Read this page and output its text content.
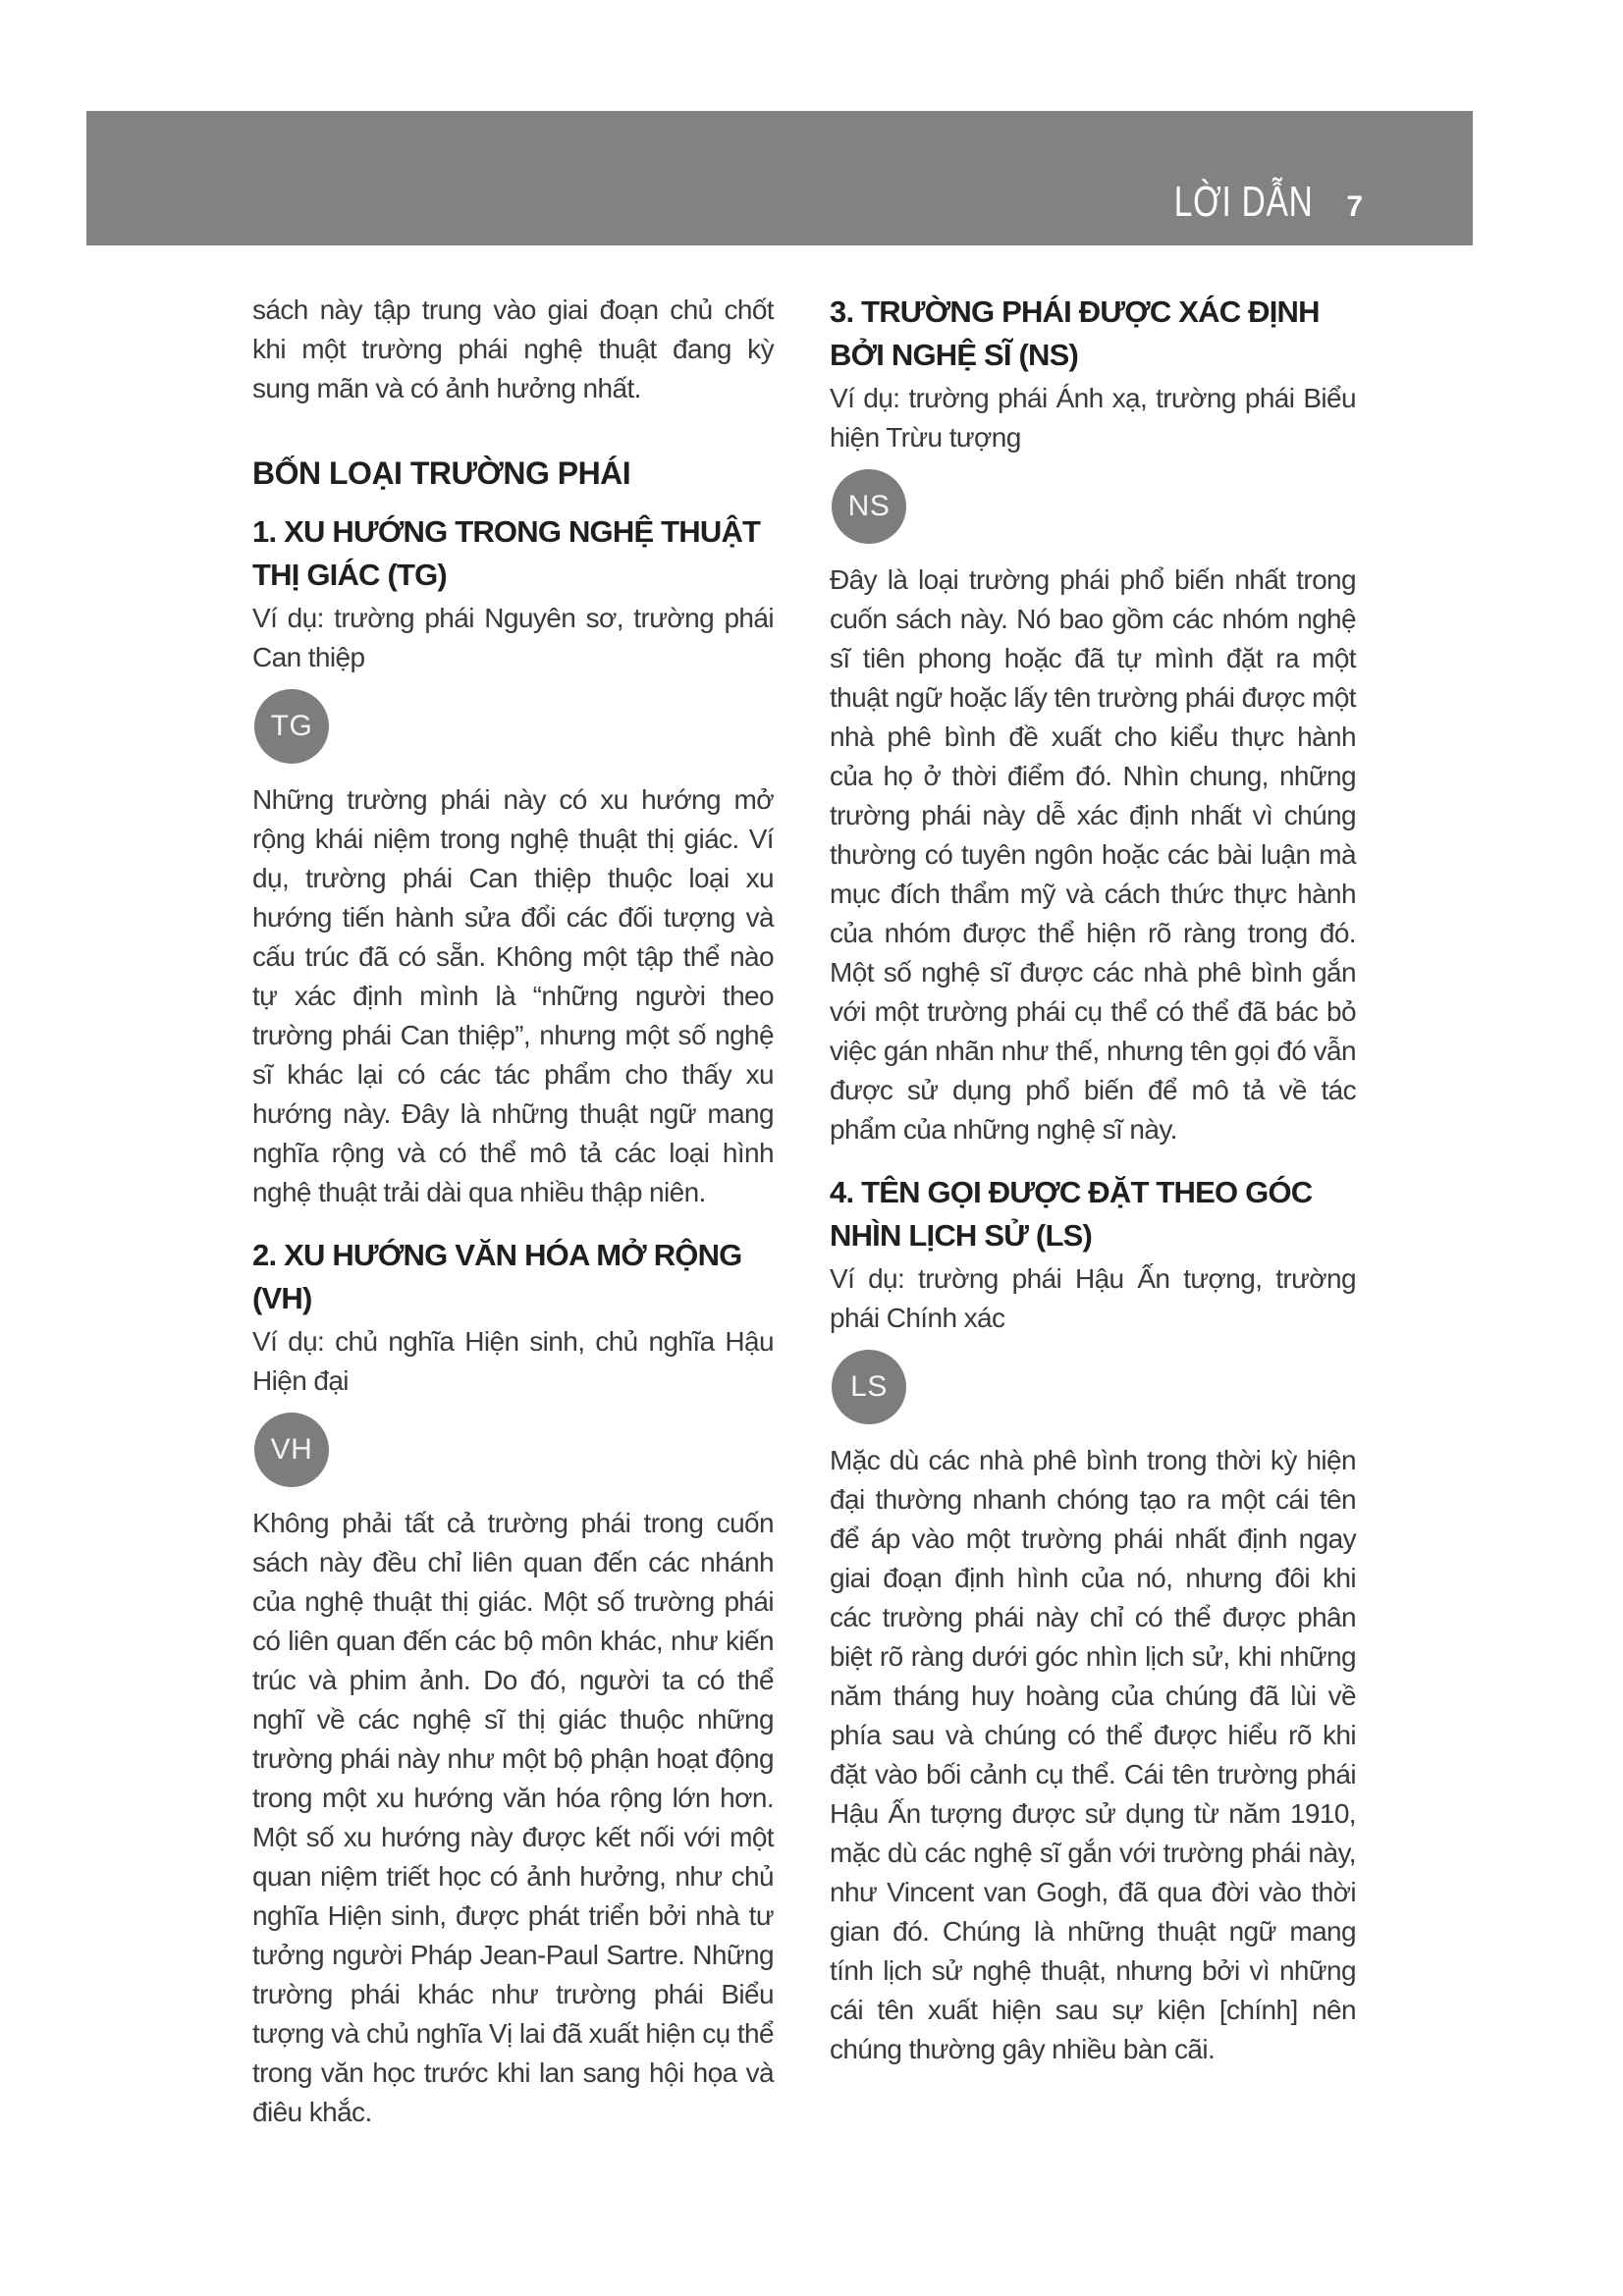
LỜI DẪN 7

sách này tập trung vào giai đoạn chủ chốt khi một trường phái nghệ thuật đang kỳ sung mãn và có ảnh hưởng nhất.

BỐN LOẠI TRƯỜNG PHÁI
1. XU HƯỚNG TRONG NGHỆ THUẬT THỊ GIÁC (TG)

Ví dụ: trường phái Nguyên sơ, trường phái Can thiệp

TG

Những trường phái này có xu hướng mở rộng khái niệm trong nghệ thuật thị giác. Ví dụ, trường phái Can thiệp thuộc loại xu hướng tiến hành sửa đổi các đối tượng và cấu trúc đã có sẵn. Không một tập thể nào tự xác định mình là “những người theo trường phái Can thiệp”, nhưng một số nghệ sĩ khác lại có các tác phẩm cho thấy xu hướng này. Đây là những thuật ngữ mang nghĩa rộng và có thể mô tả các loại hình nghệ thuật trải dài qua nhiều thập niên.

2. XU HƯỚNG VĂN HÓA MỞ RỘNG (VH)

Ví dụ: chủ nghĩa Hiện sinh, chủ nghĩa Hậu Hiện đại

VH

Không phải tất cả trường phái trong cuốn sách này đều chỉ liên quan đến các nhánh của nghệ thuật thị giác. Một số trường phái có liên quan đến các bộ môn khác, như kiến trúc và phim ảnh. Do đó, người ta có thể nghĩ về các nghệ sĩ thị giác thuộc những trường phái này như một bộ phận hoạt động trong một xu hướng văn hóa rộng lớn hơn. Một số xu hướng này được kết nối với một quan niệm triết học có ảnh hưởng, như chủ nghĩa Hiện sinh, được phát triển bởi nhà tư tưởng người Pháp Jean-Paul Sartre. Những trường phái khác như trường phái Biểu tượng và chủ nghĩa Vị lai đã xuất hiện cụ thể trong văn học trước khi lan sang hội họa và điêu khắc.

3. TRƯỜNG PHÁI ĐƯỢC XÁC ĐỊNH BỞI NGHỆ SĨ (NS)

Ví dụ: trường phái Ánh xạ, trường phái Biểu hiện Trừu tượng

NS

Đây là loại trường phái phổ biến nhất trong cuốn sách này. Nó bao gồm các nhóm nghệ sĩ tiên phong hoặc đã tự mình đặt ra một thuật ngữ hoặc lấy tên trường phái được một nhà phê bình đề xuất cho kiểu thực hành của họ ở thời điểm đó. Nhìn chung, những trường phái này dễ xác định nhất vì chúng thường có tuyên ngôn hoặc các bài luận mà mục đích thẩm mỹ và cách thức thực hành của nhóm được thể hiện rõ ràng trong đó. Một số nghệ sĩ được các nhà phê bình gắn với một trường phái cụ thể có thể đã bác bỏ việc gán nhãn như thế, nhưng tên gọi đó vẫn được sử dụng phổ biến để mô tả về tác phẩm của những nghệ sĩ này.

4. TÊN GỌI ĐƯỢC ĐẶT THEO GÓC NHÌN LỊCH SỬ (LS)

Ví dụ: trường phái Hậu Ấn tượng, trường phái Chính xác

LS

Mặc dù các nhà phê bình trong thời kỳ hiện đại thường nhanh chóng tạo ra một cái tên để áp vào một trường phái nhất định ngay giai đoạn định hình của nó, nhưng đôi khi các trường phái này chỉ có thể được phân biệt rõ ràng dưới góc nhìn lịch sử, khi những năm tháng huy hoàng của chúng đã lùi về phía sau và chúng có thể được hiểu rõ khi đặt vào bối cảnh cụ thể. Cái tên trường phái Hậu Ấn tượng được sử dụng từ năm 1910, mặc dù các nghệ sĩ gắn với trường phái này, như Vincent van Gogh, đã qua đời vào thời gian đó. Chúng là những thuật ngữ mang tính lịch sử nghệ thuật, nhưng bởi vì những cái tên xuất hiện sau sự kiện [chính] nên chúng thường gây nhiều bàn cãi.
